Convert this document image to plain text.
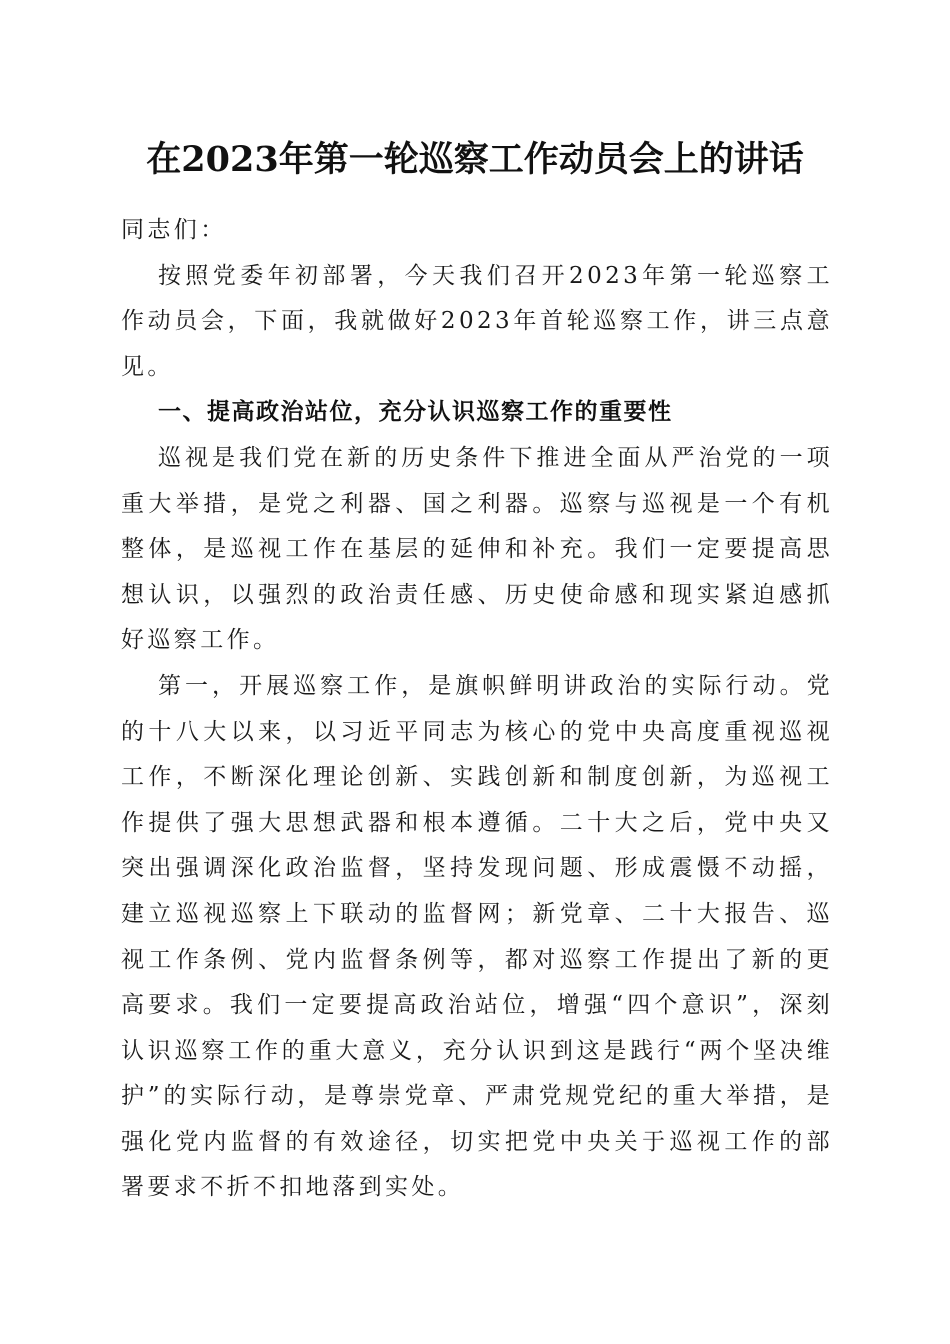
在2023年第一轮巡察工作动员会上的讲话

同志们：

按照党委年初部署，今天我们召开2023年第一轮巡察工作动员会，下面，我就做好2023年首轮巡察工作，讲三点意见。

一、提高政治站位，充分认识巡察工作的重要性

巡视是我们党在新的历史条件下推进全面从严治党的一项重大举措，是党之利器、国之利器。巡察与巡视是一个有机整体，是巡视工作在基层的延伸和补充。我们一定要提高思想认识，以强烈的政治责任感、历史使命感和现实紧迫感抓好巡察工作。

第一，开展巡察工作，是旗帜鲜明讲政治的实际行动。党的十八大以来，以习近平同志为核心的党中央高度重视巡视工作，不断深化理论创新、实践创新和制度创新，为巡视工作提供了强大思想武器和根本遵循。二十大之后，党中央又突出强调深化政治监督，坚持发现问题、形成震慑不动摇，建立巡视巡察上下联动的监督网；新党章、二十大报告、巡视工作条例、党内监督条例等，都对巡察工作提出了新的更高要求。我们一定要提高政治站位，增强“四个意识”，深刻认识巡察工作的重大意义，充分认识到这是践行“两个坚决维护”的实际行动，是尊崇党章、严肃党规党纪的重大举措，是强化党内监督的有效途径，切实把党中央关于巡视工作的部署要求不折不扣地落到实处。
